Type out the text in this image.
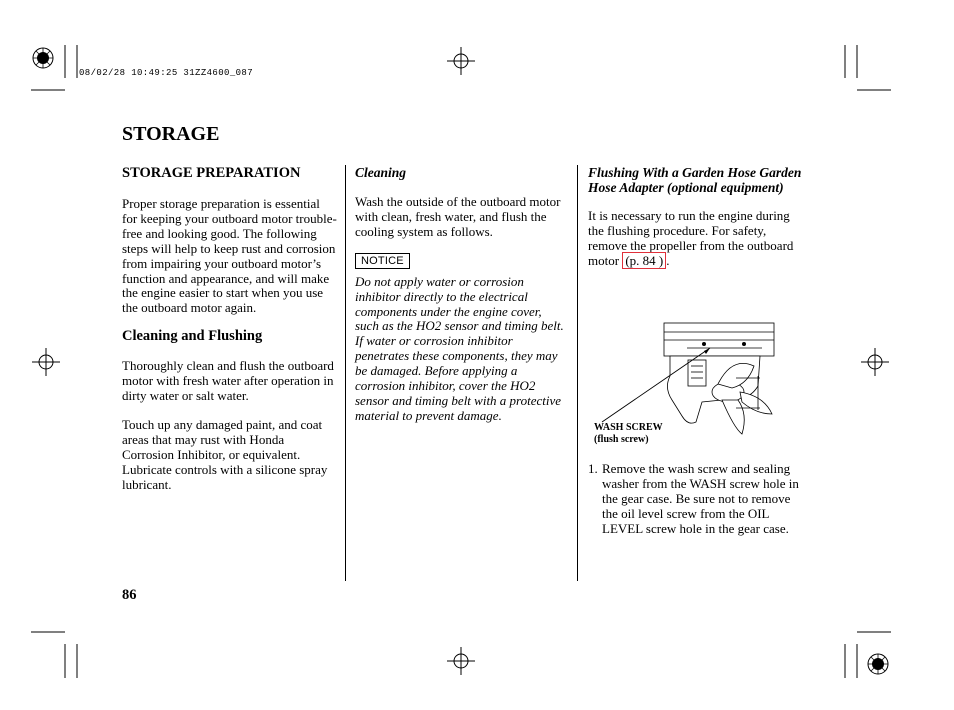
08/02/28 10:49:25 31ZZ4600_087
STORAGE
STORAGE PREPARATION
Proper storage preparation is essential for keeping your outboard motor trouble-free and looking good. The following steps will help to keep rust and corrosion from impairing your outboard motor’s function and appearance, and will make the engine easier to start when you use the outboard motor again.
Cleaning and Flushing
Thoroughly clean and flush the outboard motor with fresh water after operation in dirty water or salt water.
Touch up any damaged paint, and coat areas that may rust with Honda Corrosion Inhibitor, or equivalent. Lubricate controls with a silicone spray lubricant.
Cleaning
Wash the outside of the outboard motor with clean, fresh water, and flush the cooling system as follows.
NOTICE
Do not apply water or corrosion inhibitor directly to the electrical components under the engine cover, such as the HO2 sensor and timing belt. If water or corrosion inhibitor penetrates these components, they may be damaged. Before applying a corrosion inhibitor, cover the HO2 sensor and timing belt with a protective material to prevent damage.
Flushing With a Garden Hose Garden Hose Adapter (optional equipment)
It is necessary to run the engine during the flushing procedure. For safety, remove the propeller from the outboard motor (p. 84 ) .
WASH SCREW
(flush screw)
1. Remove the wash screw and sealing washer from the WASH screw hole in the gear case. Be sure not to remove the oil level screw from the OIL LEVEL screw hole in the gear case.
86
